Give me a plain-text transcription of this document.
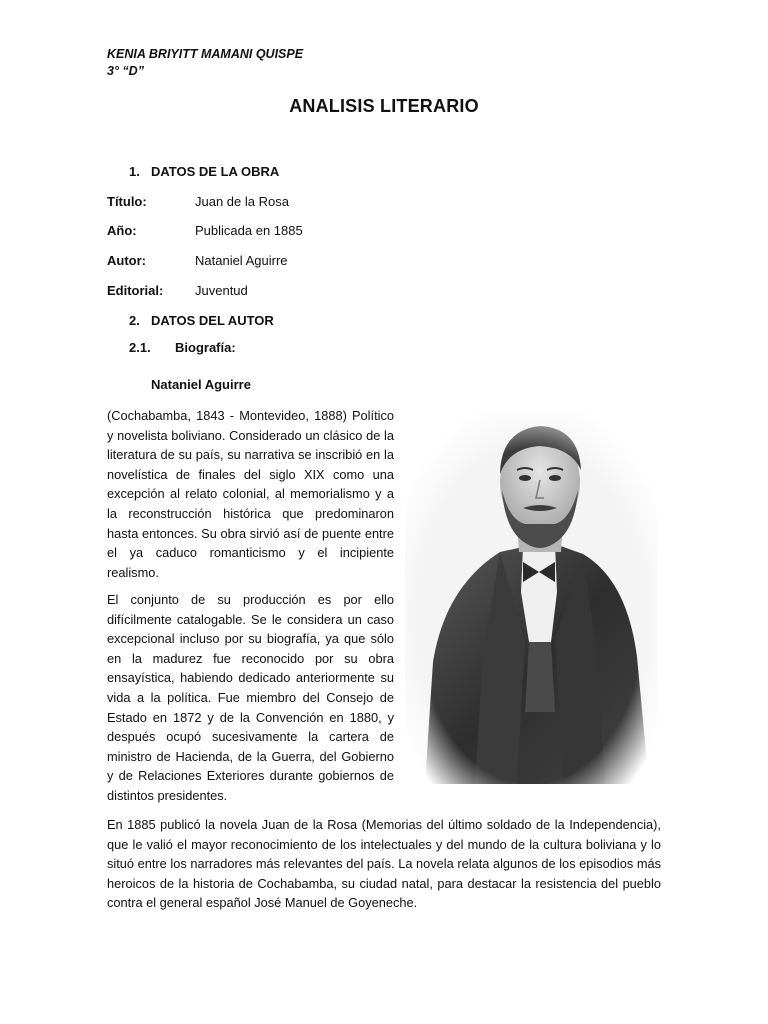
KENIA BRIYITT MAMANI QUISPE
3° “D”
ANALISIS LITERARIO
1. DATOS DE LA OBRA
Título:	Juan de la Rosa
Año:	Publicada en 1885
Autor:	Nataniel Aguirre
Editorial: Juventud
2. DATOS DEL AUTOR
2.1. Biografía:
Nataniel Aguirre

(Cochabamba, 1843 - Montevideo, 1888) Político y novelista boliviano. Considerado un clásico de la literatura de su país, su narrativa se inscribió en la novelística de finales del siglo XIX como una excepción al relato colonial, al memorialismo y a la reconstrucción histórica que predominaron hasta entonces. Su obra sirvió así de puente entre el ya caduco romanticismo y el incipiente realismo.

El conjunto de su producción es por ello difícilmente catalogable. Se le considera un caso excepcional incluso por su biografía, ya que sólo en la madurez fue reconocido por su obra ensayística, habiendo dedicado anteriormente su vida a la política. Fue miembro del Consejo de Estado en 1872 y de la Convención en 1880, y después ocupó sucesivamente la cartera de ministro de Hacienda, de la Guerra, del Gobierno y de Relaciones Exteriores durante gobiernos de distintos presidentes.

En 1885 publicó la novela Juan de la Rosa (Memorias del último soldado de la Independencia), que le valió el mayor reconocimiento de los intelectuales y del mundo de la cultura boliviana y lo situó entre los narradores más relevantes del país. La novela relata algunos de los episodios más heroicos de la historia de Cochabamba, su ciudad natal, para destacar la resistencia del pueblo contra el general español José Manuel de Goyeneche.
